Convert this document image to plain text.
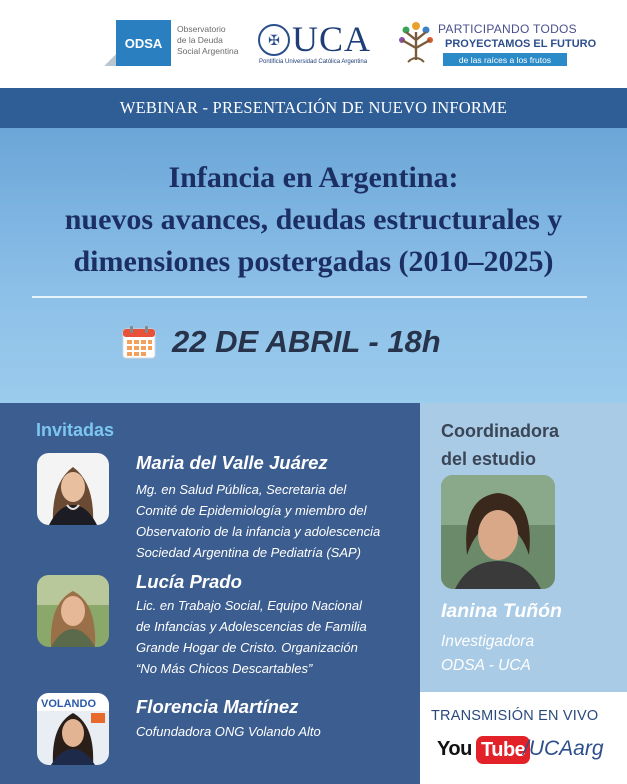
ODSA
Observatorio
de la Deuda
Social Argentina
✠ UCA
Pontificia Universidad Católica Argentina
PARTICIPANDO TODOS
PROYECTAMOS EL FUTURO
de las raíces a los frutos
WEBINAR - PRESENTACIÓN DE NUEVO INFORME
Infancia en Argentina:
nuevos avances, deudas estructurales y
dimensiones postergadas (2010–2025)
22 DE ABRIL - 18h
Invitadas
Maria del Valle Juárez
Mg. en Salud Pública, Secretaria del
Comité de Epidemiología y miembro del
Observatorio de la infancia y adolescencia
Sociedad Argentina de Pediatría (SAP)
Lucía Prado
Lic. en Trabajo Social, Equipo Nacional
de Infancias y Adolescencias de Familia
Grande Hogar de Cristo. Organización
“No Más Chicos Descartables”
VOLANDO Florencia Martínez
Cofundadora ONG Volando Alto
Coordinadora
del estudio
Ianina Tuñón
Investigadora
ODSA - UCA
TRANSMISIÓN EN VIVO
You Tube
/UCAarg
